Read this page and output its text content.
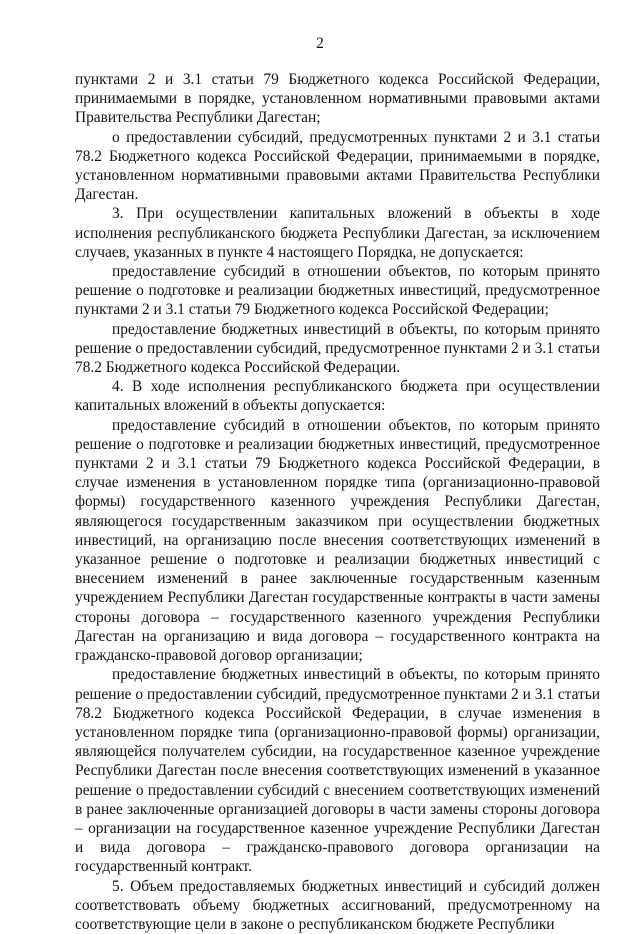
2

пунктами 2 и 3.1 статьи 79 Бюджетного кодекса Российской Федерации, принимаемыми в порядке, установленном нормативными правовыми актами Правительства Республики Дагестан;

о предоставлении субсидий, предусмотренных пунктами 2 и 3.1 статьи 78.2 Бюджетного кодекса Российской Федерации, принимаемыми в порядке, установленном нормативными правовыми актами Правительства Республики Дагестан.

3. При осуществлении капитальных вложений в объекты в ходе исполнения республиканского бюджета Республики Дагестан, за исключением случаев, указанных в пункте 4 настоящего Порядка, не допускается:

предоставление субсидий в отношении объектов, по которым принято решение о подготовке и реализации бюджетных инвестиций, предусмотренное пунктами 2 и 3.1 статьи 79 Бюджетного кодекса Российской Федерации;

предоставление бюджетных инвестиций в объекты, по которым принято решение о предоставлении субсидий, предусмотренное пунктами 2 и 3.1 статьи 78.2 Бюджетного кодекса Российской Федерации.

4. В ходе исполнения республиканского бюджета при осуществлении капитальных вложений в объекты допускается:

предоставление субсидий в отношении объектов, по которым принято решение о подготовке и реализации бюджетных инвестиций, предусмотренное пунктами 2 и 3.1 статьи 79 Бюджетного кодекса Российской Федерации, в случае изменения в установленном порядке типа (организационно-правовой формы) государственного казенного учреждения Республики Дагестан, являющегося государственным заказчиком при осуществлении бюджетных инвестиций, на организацию после внесения соответствующих изменений в указанное решение о подготовке и реализации бюджетных инвестиций с внесением изменений в ранее заключенные государственным казенным учреждением Республики Дагестан государственные контракты в части замены стороны договора – государственного казенного учреждения Республики Дагестан на организацию и вида договора – государственного контракта на гражданско-правовой договор организации;

предоставление бюджетных инвестиций в объекты, по которым принято решение о предоставлении субсидий, предусмотренное пунктами 2 и 3.1 статьи 78.2 Бюджетного кодекса Российской Федерации, в случае изменения в установленном порядке типа (организационно-правовой формы) организации, являющейся получателем субсидии, на государственное казенное учреждение Республики Дагестан после внесения соответствующих изменений в указанное решение о предоставлении субсидий с внесением соответствующих изменений в ранее заключенные организацией договоры в части замены стороны договора – организации на государственное казенное учреждение Республики Дагестан и вида договора – гражданско-правового договора организации на государственный контракт.

5. Объем предоставляемых бюджетных инвестиций и субсидий должен соответствовать объему бюджетных ассигнований, предусмотренному на соответствующие цели в законе о республиканском бюджете Республики
